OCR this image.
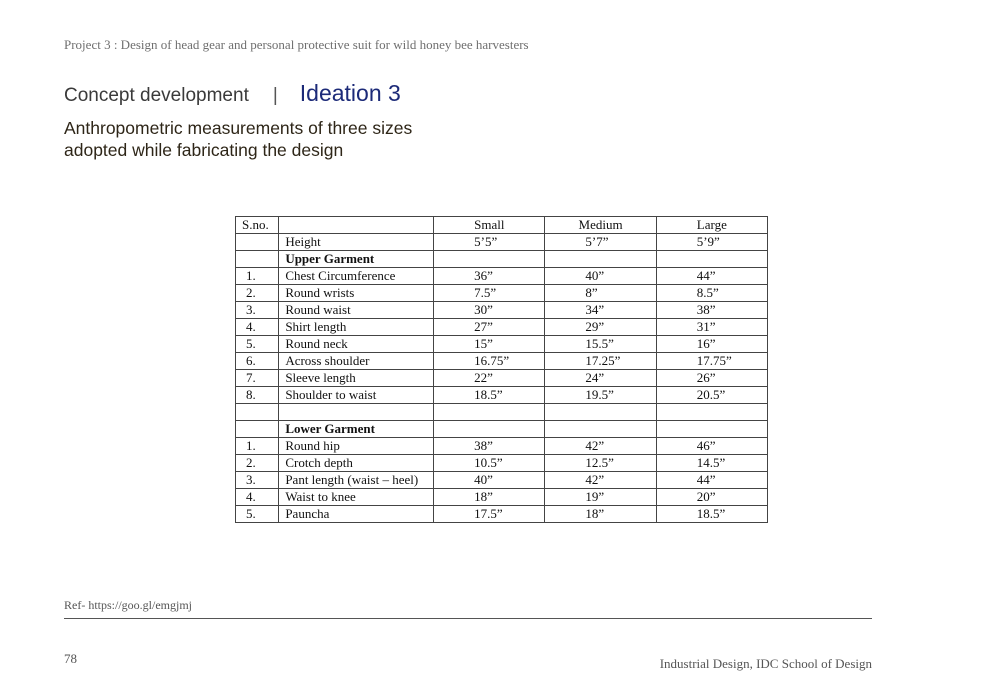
Project 3 : Design of head gear and personal protective suit for wild honey bee harvesters
Concept development | Ideation 3
Anthropometric measurements of three sizes
adopted while fabricating the design
S.no.		Small	Medium	Large
	Height	5’5”	5’7”	5’9”
	Upper Garment			
1.	Chest Circumference	36”	40”	44”
2.	Round wrists	7.5”	8”	8.5”
3.	Round waist	30”	34”	38”
4.	Shirt length	27”	29”	31”
5.	Round neck	15”	15.5”	16”
6.	Across shoulder	16.75”	17.25”	17.75”
7.	Sleeve length	22”	24”	26”
8.	Shoulder to waist	18.5”	19.5”	20.5”

	Lower Garment			
1.	Round hip	38”	42”	46”
2.	Crotch depth	10.5”	12.5”	14.5”
3.	Pant length (waist – heel)	40”	42”	44”
4.	Waist to knee	18”	19”	20”
5.	Pauncha	17.5”	18”	18.5”
Ref- https://goo.gl/emgjmj
78	Industrial Design, IDC School of Design
